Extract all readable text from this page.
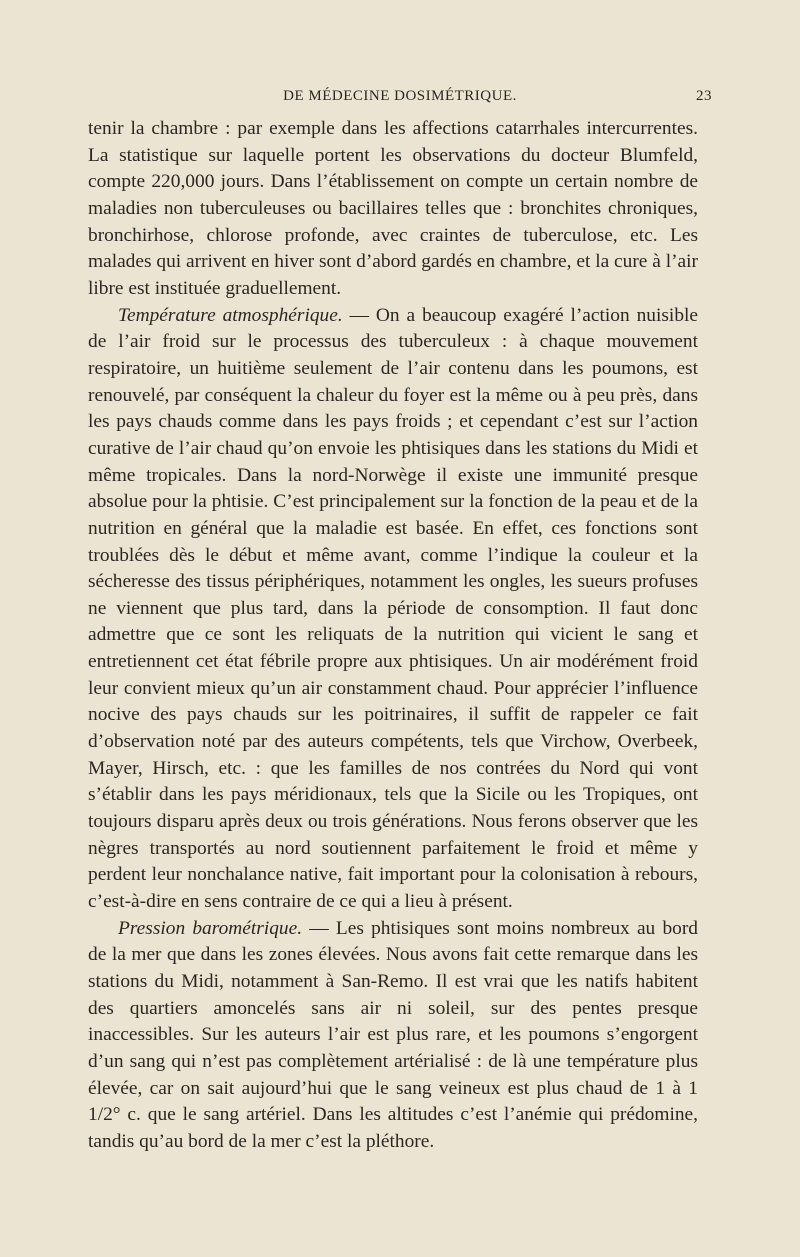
DE MÉDECINE DOSIMÉTRIQUE.	23

tenir la chambre : par exemple dans les affections catarrhales intercurrentes. La statistique sur laquelle portent les observations du docteur Blumfeld, compte 220,000 jours. Dans l’établissement on compte un certain nombre de maladies non tuberculeuses ou bacillaires telles que : bronchites chroniques, bronchirhose, chlorose profonde, avec craintes de tuberculose, etc. Les malades qui arrivent en hiver sont d’abord gardés en chambre, et la cure à l’air libre est instituée graduellement.

Température atmosphérique. — On a beaucoup exagéré l’action nuisible de l’air froid sur le processus des tuberculeux : à chaque mouvement respiratoire, un huitième seulement de l’air contenu dans les poumons, est renouvelé, par conséquent la chaleur du foyer est la même ou à peu près, dans les pays chauds comme dans les pays froids ; et cependant c’est sur l’action curative de l’air chaud qu’on envoie les phtisiques dans les stations du Midi et même tropicales. Dans la nord-Norwège il existe une immunité presque absolue pour la phtisie. C’est principalement sur la fonction de la peau et de la nutrition en général que la maladie est basée. En effet, ces fonctions sont troublées dès le début et même avant, comme l’indique la couleur et la sécheresse des tissus périphériques, notamment les ongles, les sueurs profuses ne viennent que plus tard, dans la période de consomption. Il faut donc admettre que ce sont les reliquats de la nutrition qui vicient le sang et entretiennent cet état fébrile propre aux phtisiques. Un air modérément froid leur convient mieux qu’un air constamment chaud. Pour apprécier l’influence nocive des pays chauds sur les poitrinaires, il suffit de rappeler ce fait d’observation noté par des auteurs compétents, tels que Virchow, Overbeek, Mayer, Hirsch, etc. : que les familles de nos contrées du Nord qui vont s’établir dans les pays méridionaux, tels que la Sicile ou les Tropiques, ont toujours disparu après deux ou trois générations. Nous ferons observer que les nègres transportés au nord soutiennent parfaitement le froid et même y perdent leur nonchalance native, fait important pour la colonisation à rebours, c’est-à-dire en sens contraire de ce qui a lieu à présent.

Pression barométrique. — Les phtisiques sont moins nombreux au bord de la mer que dans les zones élevées. Nous avons fait cette remarque dans les stations du Midi, notamment à San-Remo. Il est vrai que les natifs habitent des quartiers amoncelés sans air ni soleil, sur des pentes presque inaccessibles. Sur les auteurs l’air est plus rare, et les poumons s’engorgent d’un sang qui n’est pas complètement artérialisé : de là une température plus élevée, car on sait aujourd’hui que le sang veineux est plus chaud de 1 à 1 1/2° c. que le sang artériel. Dans les altitudes c’est l’anémie qui prédomine, tandis qu’au bord de la mer c’est la pléthore.
